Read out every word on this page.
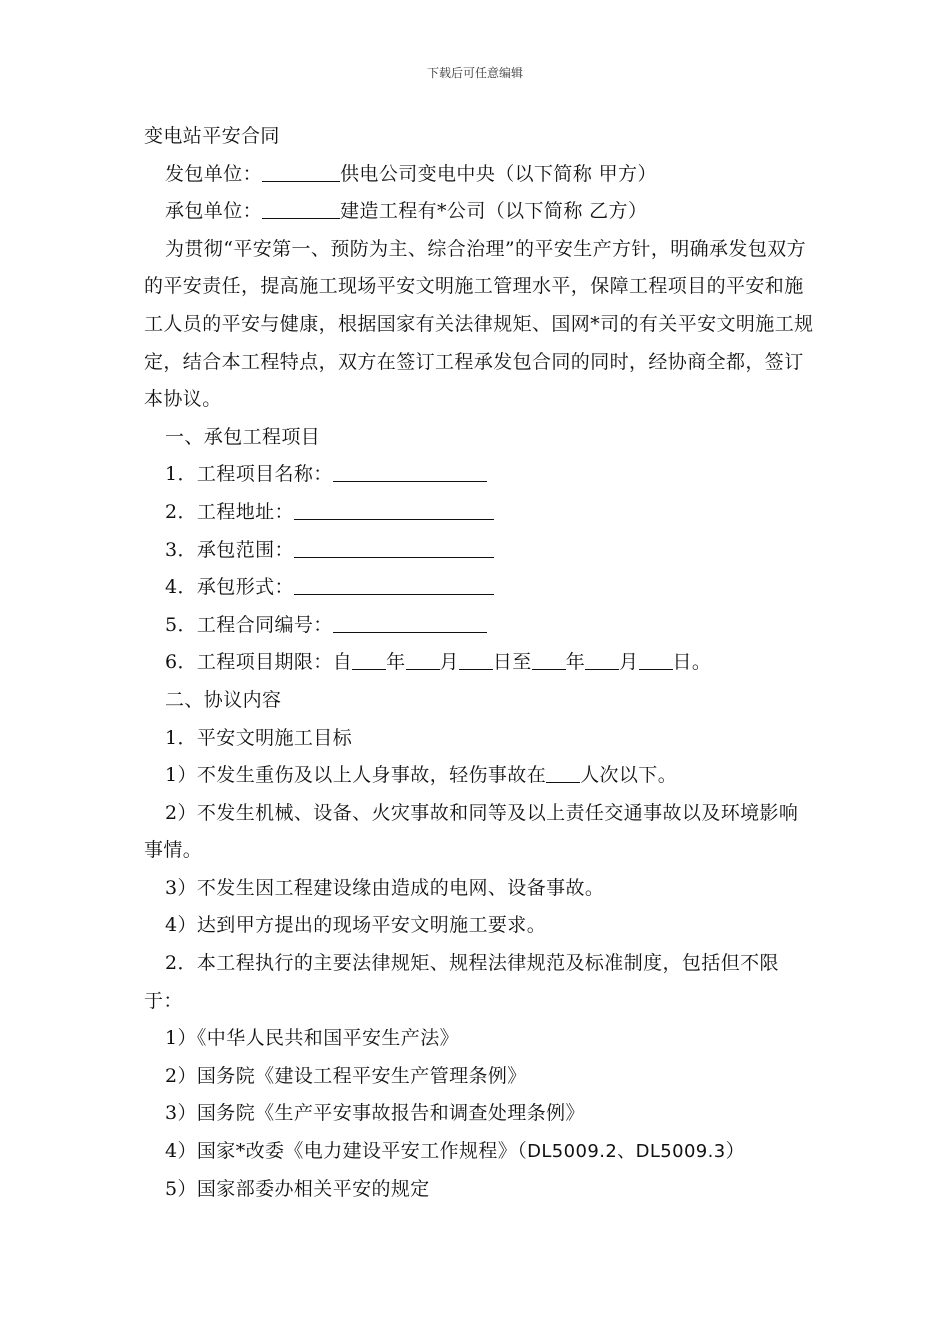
下载后可任意编辑
变电站平安合同
发包单位：	供电公司变电中央（以下简称 甲方）
承包单位：	建造工程有*公司（以下简称 乙方）
为贯彻“平安第一、预防为主、综合治理”的平安生产方针，明确承发包双方的平安责任，提高施工现场平安文明施工管理水平，保障工程项目的平安和施工人员的平安与健康，根据国家有关法律规矩、国网*司的有关平安文明施工规定，结合本工程特点，双方在签订工程承发包合同的同时，经协商全都，签订本协议。
一、承包工程项目
1．工程项目名称：
2．工程地址：
3．承包范围：
4．承包形式：
5．工程合同编号：
6．工程项目期限：自 年 月 日至 年 月 日。
二、协议内容
1．平安文明施工目标
1）不发生重伤及以上人身事故，轻伤事故在 人次以下。
2）不发生机械、设备、火灾事故和同等及以上责任交通事故以及环境影响事情。
3）不发生因工程建设缘由造成的电网、设备事故。
4）达到甲方提出的现场平安文明施工要求。
2．本工程执行的主要法律规矩、规程法律规范及标准制度，包括但不限于：
1）《中华人民共和国平安生产法》
2）国务院《建设工程平安生产管理条例》
3）国务院《生产平安事故报告和调查处理条例》
4）国家*改委《电力建设平安工作规程》（DL5009.2、DL5009.3）
5）国家部委办相关平安的规定
